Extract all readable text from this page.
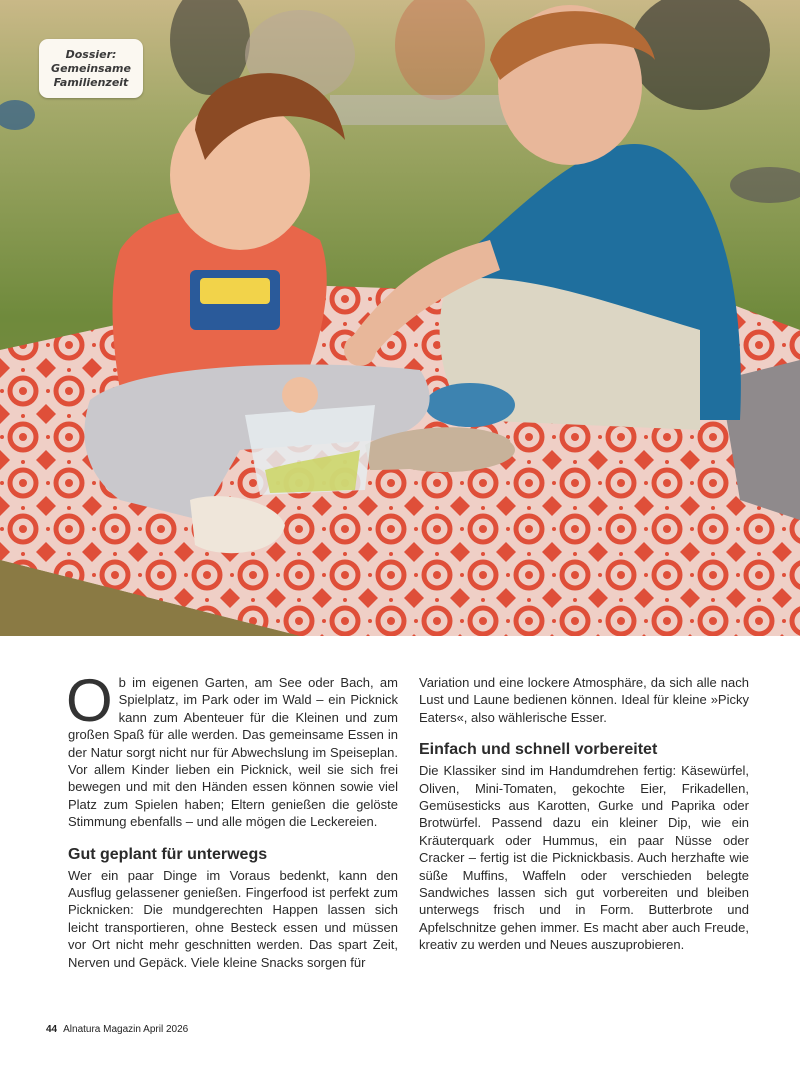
Dossier:
Gemeinsame
Familienzeit

Ob im eigenen Garten, am See oder Bach, am Spielplatz, im Park oder im Wald – ein Picknick kann zum Abenteuer für die Kleinen und zum großen Spaß für alle werden. Das gemeinsame Essen in der Natur sorgt nicht nur für Abwechslung im Speiseplan. Vor allem Kinder lieben ein Picknick, weil sie sich frei bewegen und mit den Händen essen können sowie viel Platz zum Spielen haben; Eltern genießen die gelöste Stimmung ebenfalls – und alle mögen die Leckereien.

Gut geplant für unterwegs

Wer ein paar Dinge im Voraus bedenkt, kann den Ausflug gelassener genießen. Fingerfood ist perfekt zum Picknicken: Die mundgerechten Happen lassen sich leicht transportieren, ohne Besteck essen und müssen vor Ort nicht mehr geschnitten werden. Das spart Zeit, Nerven und Gepäck. Viele kleine Snacks sorgen für

Variation und eine lockere Atmosphäre, da sich alle nach Lust und Laune bedienen können. Ideal für kleine »Picky Eaters«, also wählerische Esser.

Einfach und schnell vorbereitet

Die Klassiker sind im Handumdrehen fertig: Käsewürfel, Oliven, Mini-Tomaten, gekochte Eier, Frikadellen, Gemüsesticks aus Karotten, Gurke und Paprika oder Brotwürfel. Passend dazu ein kleiner Dip, wie ein Kräuterquark oder Hummus, ein paar Nüsse oder Cracker – fertig ist die Picknickbasis. Auch herzhafte wie süße Muffins, Waffeln oder verschieden belegte Sandwiches lassen sich gut vorbereiten und bleiben unterwegs frisch und in Form. Butterbrote und Apfelschnitze gehen immer. Es macht aber auch Freude, kreativ zu werden und Neues auszuprobieren.

44 Alnatura Magazin April 2026
